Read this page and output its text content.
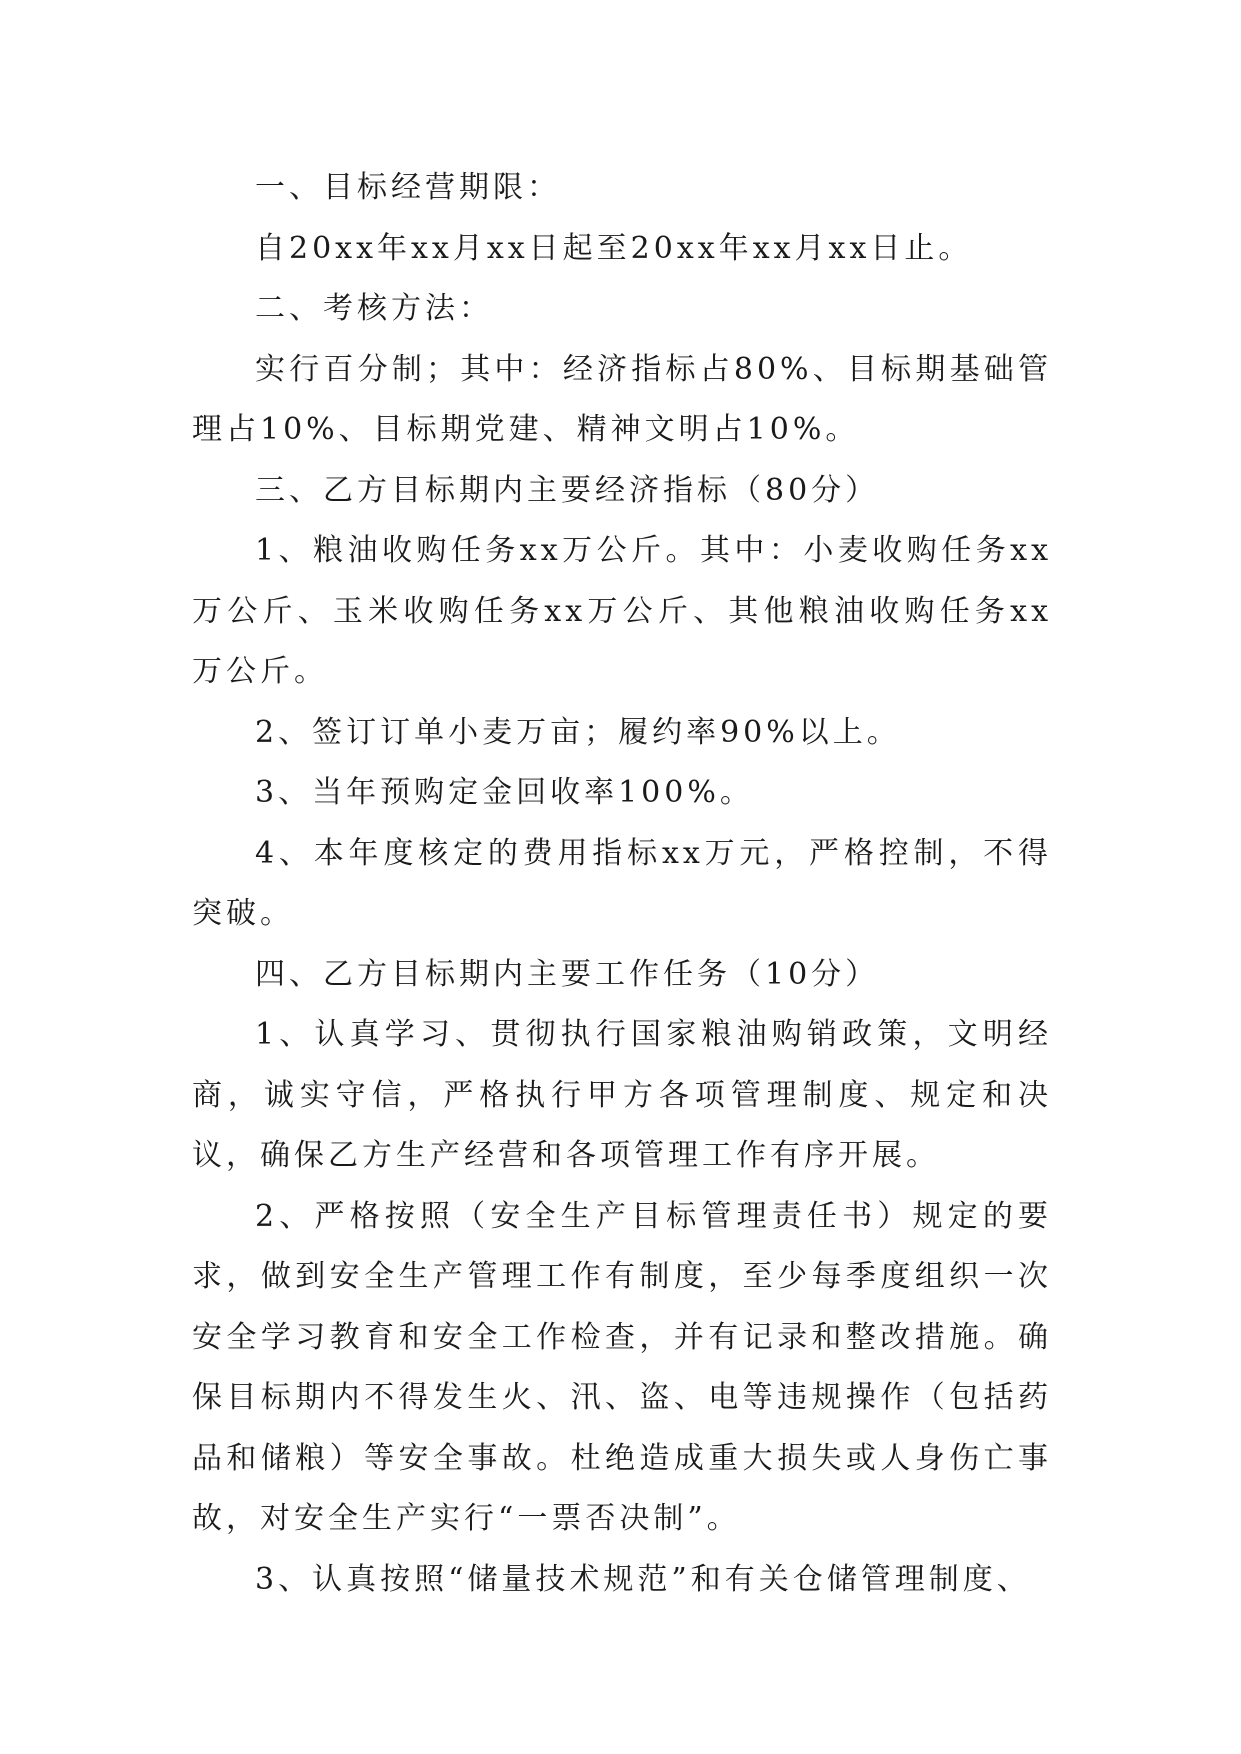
一、目标经营期限：

自20xx年xx月xx日起至20xx年xx月xx日止。

二、考核方法：

实行百分制；其中：经济指标占80%、目标期基础管理占10%、目标期党建、精神文明占10%。

三、乙方目标期内主要经济指标（80分）

1、粮油收购任务xx万公斤。其中：小麦收购任务xx万公斤、玉米收购任务xx万公斤、其他粮油收购任务xx万公斤。

2、签订订单小麦万亩；履约率90%以上。

3、当年预购定金回收率100%。

4、本年度核定的费用指标xx万元，严格控制，不得突破。

四、乙方目标期内主要工作任务（10分）

1、认真学习、贯彻执行国家粮油购销政策，文明经商，诚实守信，严格执行甲方各项管理制度、规定和决议，确保乙方生产经营和各项管理工作有序开展。

2、严格按照（安全生产目标管理责任书）规定的要求，做到安全生产管理工作有制度，至少每季度组织一次安全学习教育和安全工作检查，并有记录和整改措施。确保目标期内不得发生火、汛、盗、电等违规操作（包括药品和储粮）等安全事故。杜绝造成重大损失或人身伤亡事故，对安全生产实行“一票否决制”。

3、认真按照“储量技术规范”和有关仓储管理制度、
